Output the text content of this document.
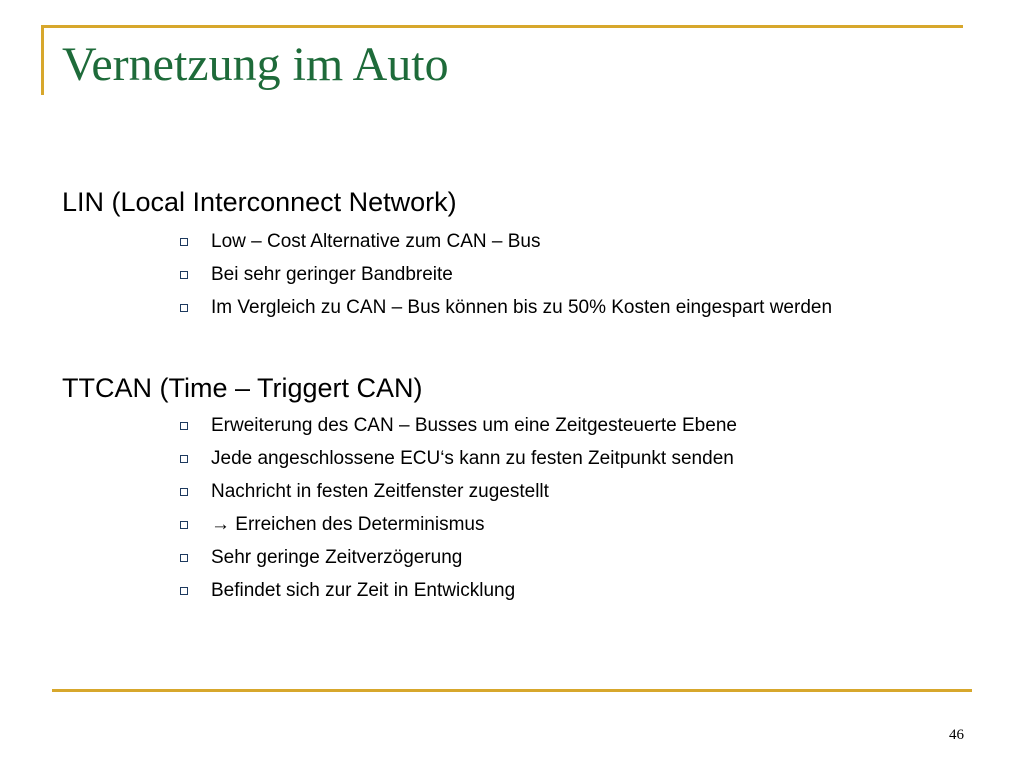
Vernetzung im Auto
LIN (Local Interconnect Network)
Low – Cost Alternative zum CAN – Bus
Bei sehr geringer Bandbreite
Im Vergleich zu CAN – Bus können bis zu 50% Kosten eingespart werden
TTCAN (Time – Triggert CAN)
Erweiterung des CAN – Busses um eine Zeitgesteuerte Ebene
Jede angeschlossene ECU‘s kann zu festen Zeitpunkt senden
Nachricht in festen Zeitfenster zugestellt
→ Erreichen des Determinismus
Sehr geringe Zeitverzögerung
Befindet sich zur Zeit in Entwicklung
46
